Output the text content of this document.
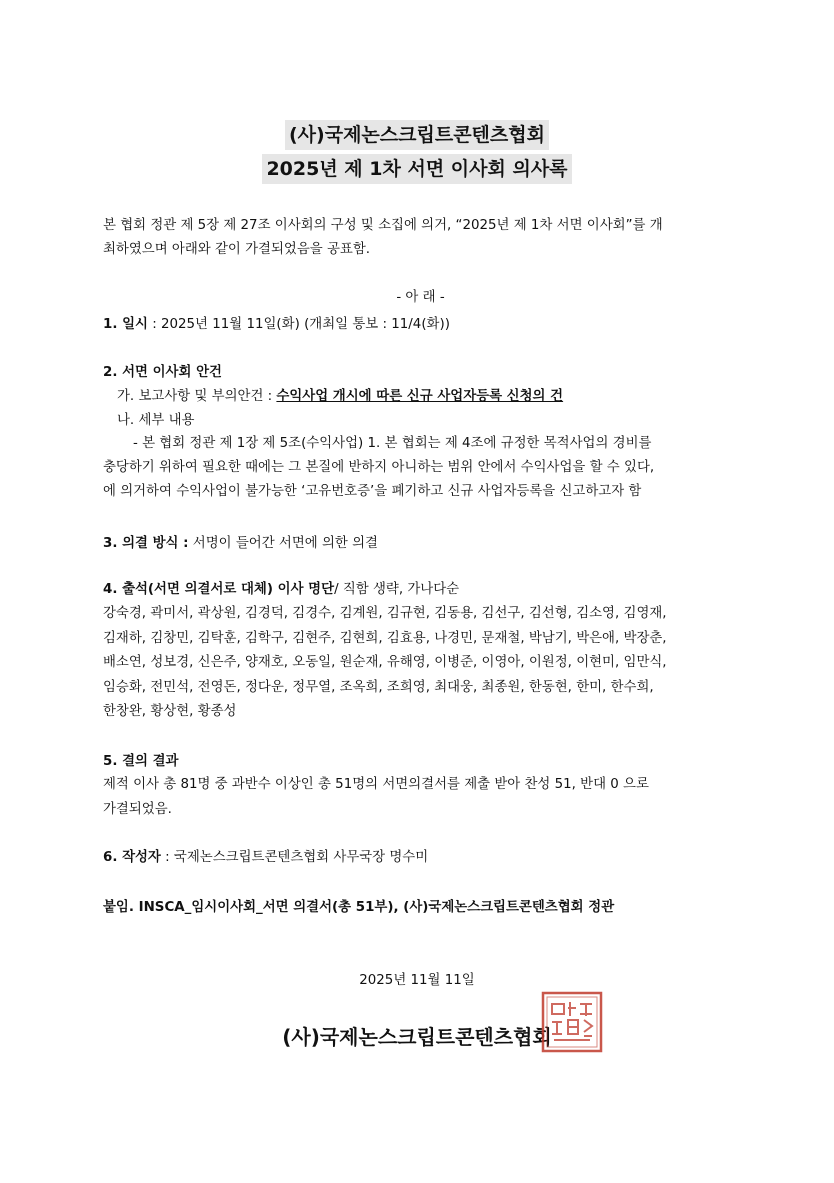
(사)국제논스크립트콘텐츠협회
2025년 제 1차 서면 이사회 의사록
본 협회 정관 제 5장 제 27조 이사회의 구성 및 소집에 의거, “2025년 제 1차 서면 이사회”를 개
최하였으며 아래와 같이 가결되었음을 공표함.
- 아 래 -
1. 일시 : 2025년 11월 11일(화) (개최일 통보 : 11/4(화))
2. 서면 이사회 안건
가. 보고사항 및 부의안건 : 수익사업 개시에 따른 신규 사업자등록 신청의 건
나. 세부 내용
- 본 협회 정관 제 1장 제 5조(수익사업) 1. 본 협회는 제 4조에 규정한 목적사업의 경비를
충당하기 위하여 필요한 때에는 그 본질에 반하지 아니하는 범위 안에서 수익사업을 할 수 있다,
에 의거하여 수익사업이 불가능한 ‘고유번호증’을 폐기하고 신규 사업자등록을 신고하고자 함
3. 의결 방식 : 서명이 들어간 서면에 의한 의결
4. 출석(서면 의결서로 대체) 이사 명단/ 직함 생략, 가나다순
강숙경, 곽미서, 곽상원, 김경덕, 김경수, 김계원, 김규현, 김동용, 김선구, 김선형, 김소영, 김영재,
김재하, 김창민, 김탁훈, 김학구, 김현주, 김현희, 김효용, 나경민, 문재철, 박남기, 박은애, 박장춘,
배소연, 성보경, 신은주, 양재호, 오동일, 원순재, 유해영, 이병준, 이영아, 이원정, 이현미, 임만식,
임승화, 전민석, 전영돈, 정다운, 정무열, 조옥희, 조희영, 최대웅, 최종원, 한동현, 한미, 한수희,
한창완, 황상현, 황종성
5. 결의 결과
제적 이사 총 81명 중 과반수 이상인 총 51명의 서면의결서를 제출 받아 찬성 51, 반대 0 으로
가결되었음.
6. 작성자 : 국제논스크립트콘텐츠협회 사무국장 명수미
붙임. INSCA_임시이사회_서면 의결서(총 51부), (사)국제논스크립트콘텐츠협회 정관
2025년 11월 11일
(사)국제논스크립트콘텐츠협회
